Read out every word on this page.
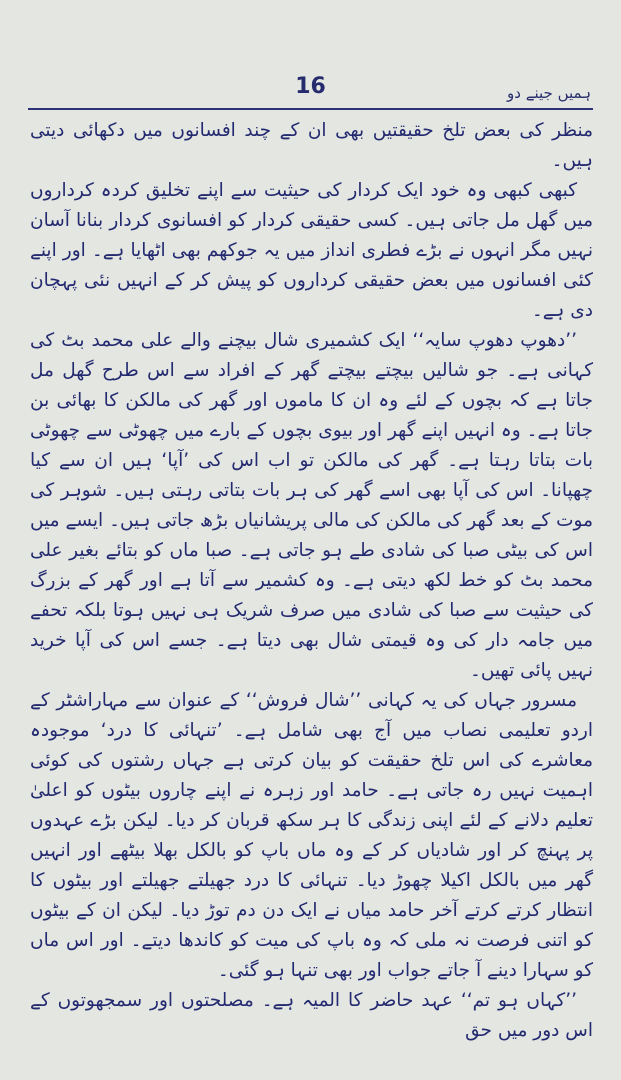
16	ہمیں جینے دو

منظر کی بعض تلخ حقیقتیں بھی ان کے چند افسانوں میں دکھائی دیتی ہیں۔

کبھی کبھی وہ خود ایک کردار کی حیثیت سے اپنے تخلیق کردہ کرداروں میں گھل مل جاتی ہیں۔ کسی حقیقی کردار کو افسانوی کردار بنانا آسان نہیں مگر انہوں نے بڑے فطری انداز میں یہ جوکھم بھی اٹھایا ہے۔ اور اپنے کئی افسانوں میں بعض حقیقی کرداروں کو پیش کر کے انہیں نئی پہچان دی ہے۔

’’دھوپ دھوپ سایہ‘‘ ایک کشمیری شال بیچنے والے علی محمد بٹ کی کہانی ہے۔ جو شالیں بیچتے بیچتے گھر کے افراد سے اس طرح گھل مل جاتا ہے کہ بچوں کے لئے وہ ان کا ماموں اور گھر کی مالکن کا بھائی بن جاتا ہے۔ وہ انہیں اپنے گھر اور بیوی بچوں کے بارے میں چھوٹی سے چھوٹی بات بتاتا رہتا ہے۔ گھر کی مالکن تو اب اس کی ’آپا‘ ہیں ان سے کیا چھپانا۔ اس کی آپا بھی اسے گھر کی ہر بات بتاتی رہتی ہیں۔ شوہر کی موت کے بعد گھر کی مالکن کی مالی پریشانیاں بڑھ جاتی ہیں۔ ایسے میں اس کی بیٹی صبا کی شادی طے ہو جاتی ہے۔ صبا ماں کو بتائے بغیر علی محمد بٹ کو خط لکھ دیتی ہے۔ وہ کشمیر سے آتا ہے اور گھر کے بزرگ کی حیثیت سے صبا کی شادی میں صرف شریک ہی نہیں ہوتا بلکہ تحفے میں جامہ دار کی وہ قیمتی شال بھی دیتا ہے۔ جسے اس کی آپا خرید نہیں پائی تھیں۔

مسرور جہاں کی یہ کہانی ’’شال فروش‘‘ کے عنوان سے مہاراشٹر کے اردو تعلیمی نصاب میں آج بھی شامل ہے۔ ’تنہائی کا درد‘ موجودہ معاشرے کی اس تلخ حقیقت کو بیان کرتی ہے جہاں رشتوں کی کوئی اہمیت نہیں رہ جاتی ہے۔ حامد اور زہرہ نے اپنے چاروں بیٹوں کو اعلیٰ تعلیم دلانے کے لئے اپنی زندگی کا ہر سکھ قربان کر دیا۔ لیکن بڑے عہدوں پر پہنچ کر اور شادیاں کر کے وہ ماں باپ کو بالکل بھلا بیٹھے اور انہیں گھر میں بالکل اکیلا چھوڑ دیا۔ تنہائی کا درد جھیلتے جھیلتے اور بیٹوں کا انتظار کرتے کرتے آخر حامد میاں نے ایک دن دم توڑ دیا۔ لیکن ان کے بیٹوں کو اتنی فرصت نہ ملی کہ وہ باپ کی میت کو کاندھا دیتے۔ اور اس ماں کو سہارا دینے آ جاتے جواب اور بھی تنہا ہو گئی۔

’’کہاں ہو تم‘‘ عہد حاضر کا المیہ ہے۔ مصلحتوں اور سمجھوتوں کے اس دور میں حق
